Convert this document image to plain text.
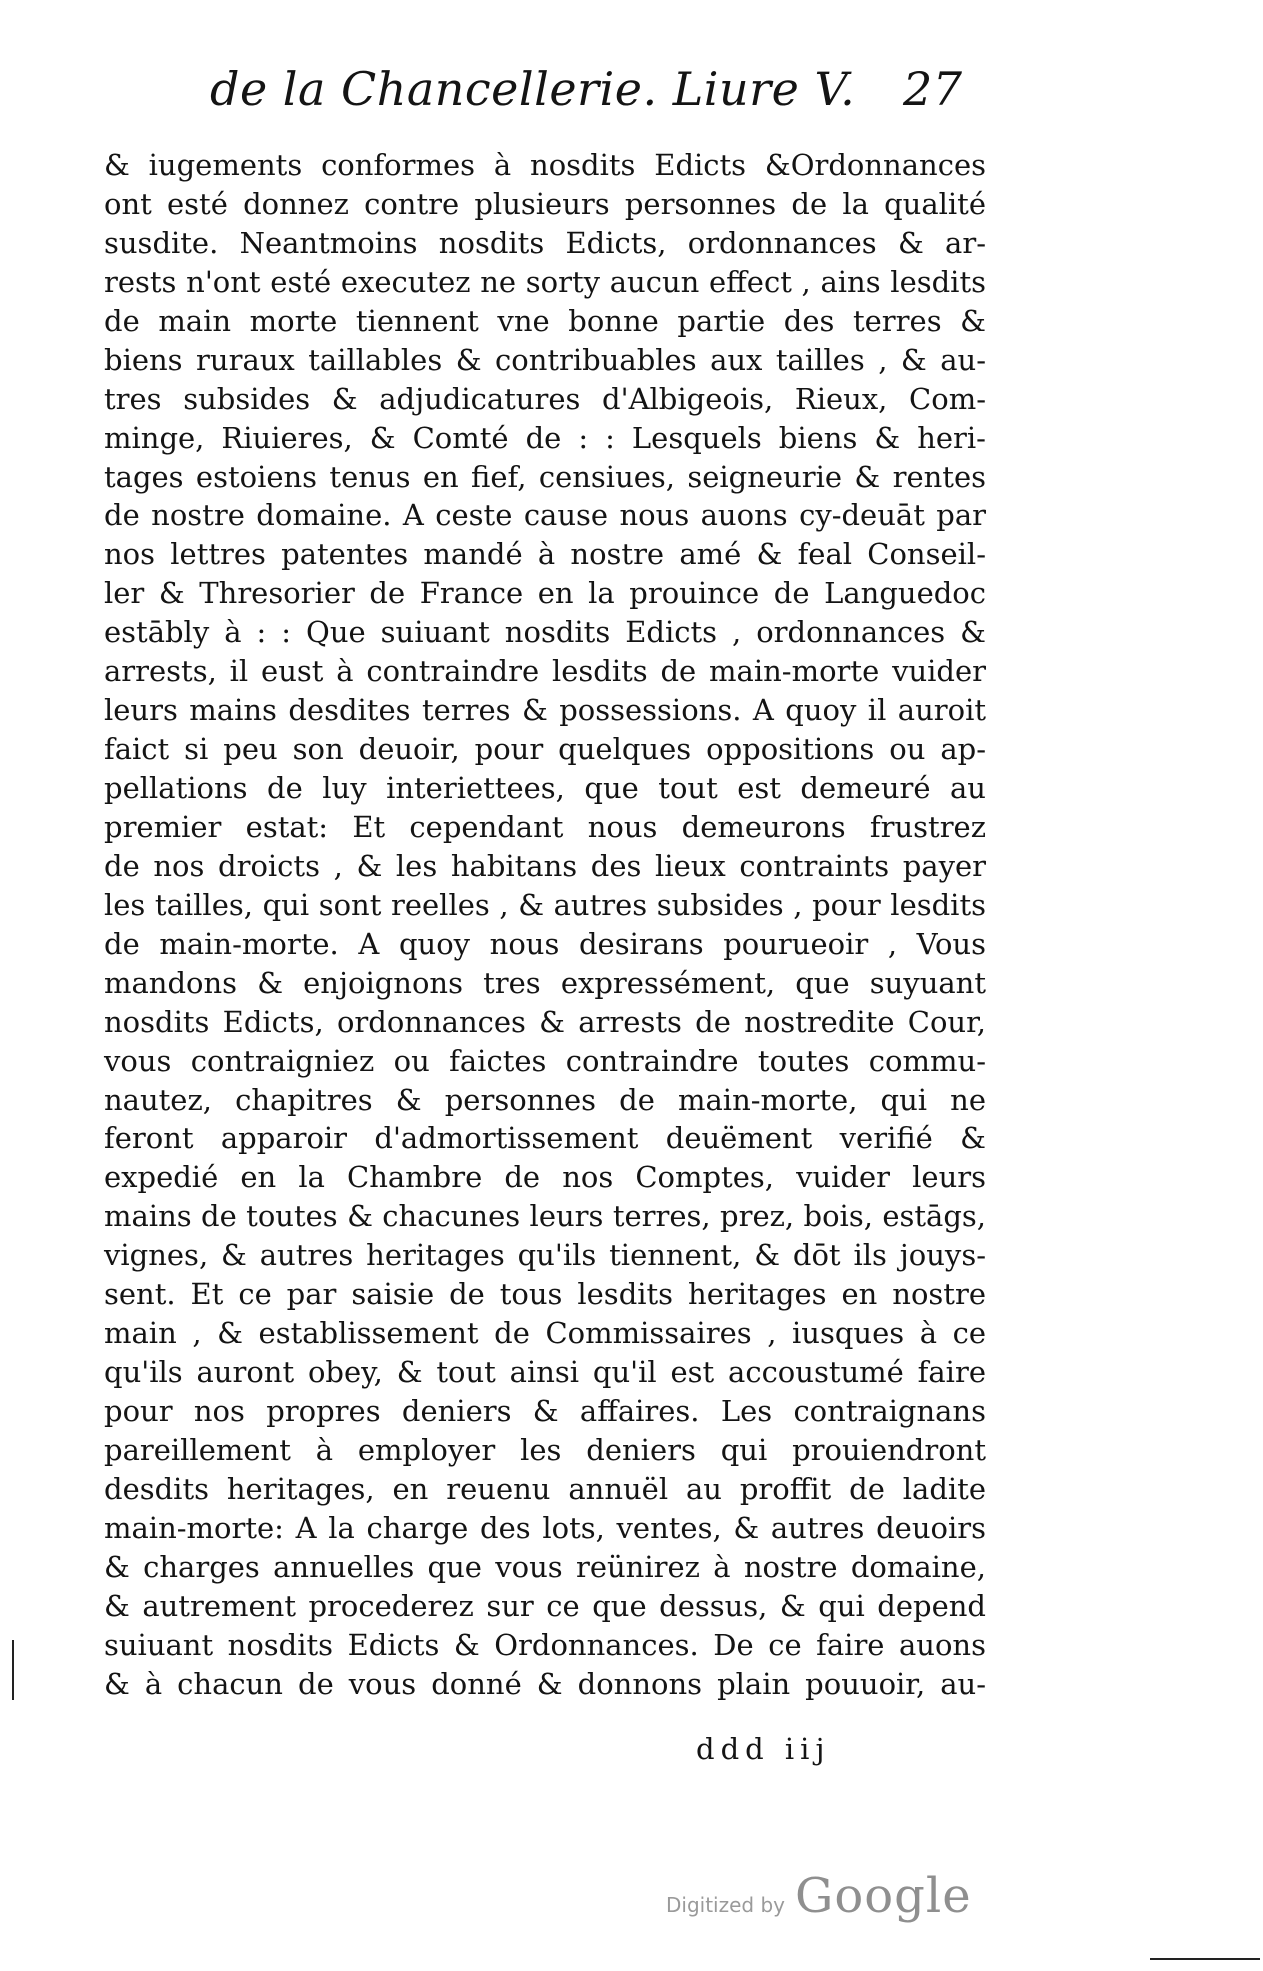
de la Chancellerie. Liure V. 27
& iugements conformes à nosdits Edicts &Ordonnances
ont esté donnez contre plusieurs personnes de la qualité
susdite. Neantmoins nosdits Edicts, ordonnances & ar-
rests n'ont esté executez ne sorty aucun effect , ains lesdits
de main morte tiennent vne bonne partie des terres &
biens ruraux taillables & contribuables aux tailles , & au-
tres subsides & adjudicatures d'Albigeois, Rieux, Com-
minge, Riuieres, & Comté de : : Lesquels biens & heri-
tages estoiens tenus en fief, censiues, seigneurie & rentes
de nostre domaine. A ceste cause nous auons cy-deuāt par
nos lettres patentes mandé à nostre amé & feal Conseil-
ler & Thresorier de France en la prouince de Languedoc
estābly à : : Que suiuant nosdits Edicts , ordonnances &
arrests, il eust à contraindre lesdits de main-morte vuider
leurs mains desdites terres & possessions. A quoy il auroit
faict si peu son deuoir, pour quelques oppositions ou ap-
pellations de luy interiettees, que tout est demeuré au
premier estat: Et cependant nous demeurons frustrez
de nos droicts , & les habitans des lieux contraints payer
les tailles, qui sont reelles , & autres subsides , pour lesdits
de main-morte. A quoy nous desirans pourueoir , Vous
mandons & enjoignons tres expressément, que suyuant
nosdits Edicts, ordonnances & arrests de nostredite Cour,
vous contraigniez ou faictes contraindre toutes commu-
nautez, chapitres & personnes de main-morte, qui ne
feront apparoir d'admortissement deuëment verifié &
expedié en la Chambre de nos Comptes, vuider leurs
mains de toutes & chacunes leurs terres, prez, bois, estāgs,
vignes, & autres heritages qu'ils tiennent, & dōt ils jouys-
sent. Et ce par saisie de tous lesdits heritages en nostre
main , & establissement de Commissaires , iusques à ce
qu'ils auront obey, & tout ainsi qu'il est accoustumé faire
pour nos propres deniers & affaires. Les contraignans
pareillement à employer les deniers qui prouiendront
desdits heritages, en reuenu annuël au proffit de ladite
main-morte: A la charge des lots, ventes, & autres deuoirs
& charges annuelles que vous reünirez à nostre domaine,
& autrement procederez sur ce que dessus, & qui depend
suiuant nosdits Edicts & Ordonnances. De ce faire auons
& à chacun de vous donné & donnons plain pouuoir, au-
ddd iij
Digitized by Google
